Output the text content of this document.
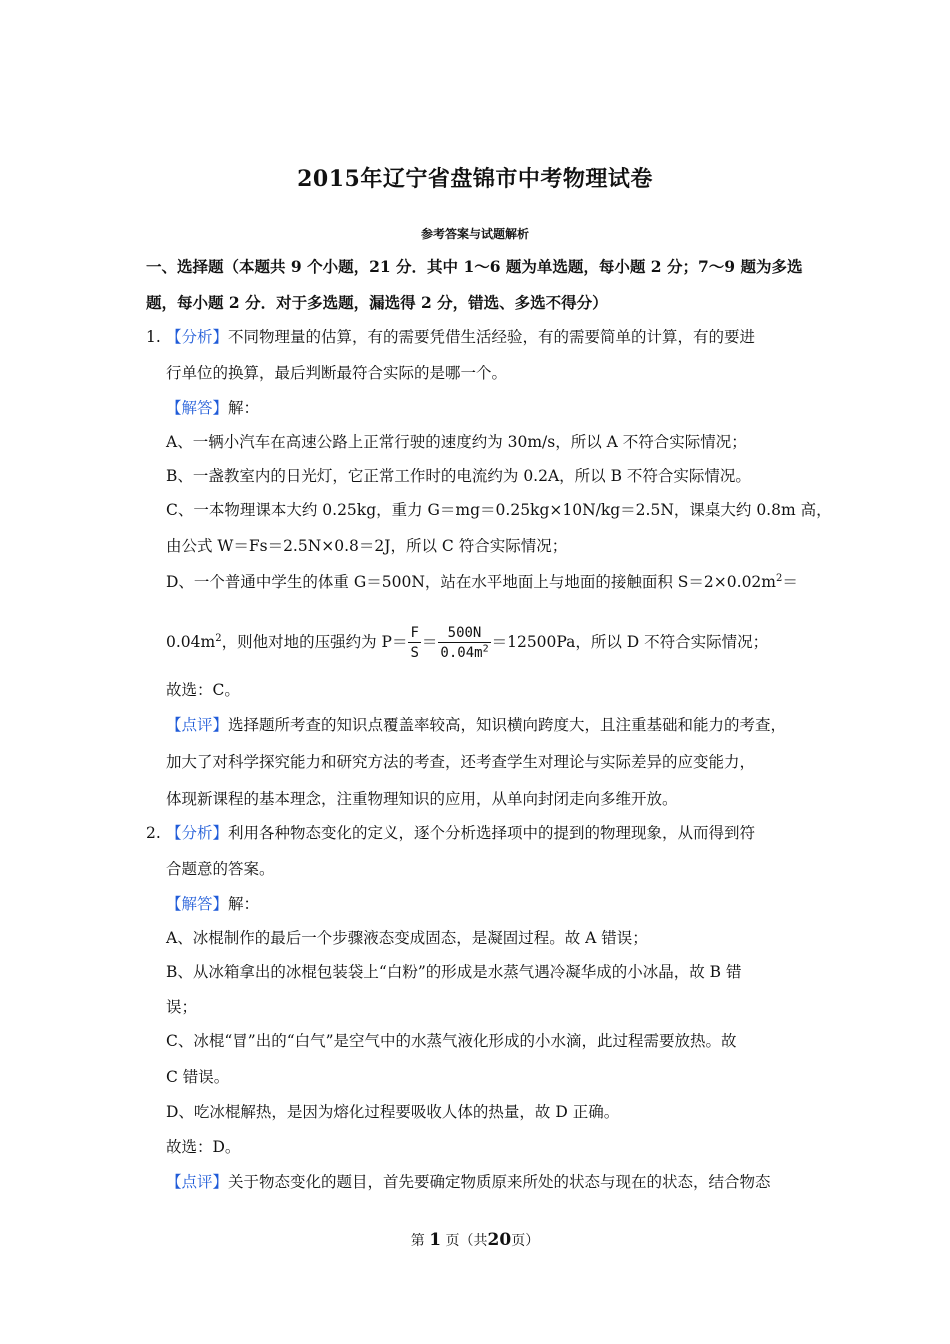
2015年辽宁省盘锦市中考物理试卷
参考答案与试题解析
一、选择题（本题共 9 个小题，21 分．其中 1～6 题为单选题，每小题 2 分；7～9 题为多选
题，每小题 2 分．对于多选题，漏选得 2 分，错选、多选不得分）
1. 【分析】不同物理量的估算，有的需要凭借生活经验，有的需要简单的计算，有的要进
行单位的换算，最后判断最符合实际的是哪一个。
【解答】解：
A、一辆小汽车在高速公路上正常行驶的速度约为 30m/s，所以 A 不符合实际情况；
B、一盏教室内的日光灯，它正常工作时的电流约为 0.2A，所以 B 不符合实际情况。
C、一本物理课本大约 0.25kg，重力 G＝mg＝0.25kg×10N/kg＝2.5N，课桌大约 0.8m 高，
由公式 W＝Fs＝2.5N×0.8＝2J，所以 C 符合实际情况；
D、一个普通中学生的体重 G＝500N，站在水平地面上与地面的接触面积 $S=2\times 0.02m^2=$
$0.04m^2$，则他对地的压强约为 $P= \frac{F}{S} = \frac{500N}{0.04m^2} =12500Pa$，所以 D 不符合实际情况；
故选：C。
【点评】选择题所考查的知识点覆盖率较高，知识横向跨度大，且注重基础和能力的考查，
加大了对科学探究能力和研究方法的考查，还考查学生对理论与实际差异的应变能力，
体现新课程的基本理念，注重物理知识的应用，从单向封闭走向多维开放。
2. 【分析】利用各种物态变化的定义，逐个分析选择项中的提到的物理现象，从而得到符
合题意的答案。
【解答】解：
A、冰棍制作的最后一个步骤液态变成固态，是凝固过程。故 A 错误；
B、从冰箱拿出的冰棍包装袋上“白粉”的形成是水蒸气遇冷凝华成的小冰晶，故 B 错
误；
C、冰棍“冒”出的“白气”是空气中的水蒸气液化形成的小水滴，此过程需要放热。故
C 错误。
D、吃冰棍解热，是因为熔化过程要吸收人体的热量，故 D 正确。
故选：D。
【点评】关于物态变化的题目，首先要确定物质原来所处的状态与现在的状态，结合物态
第 1 页（共20页）
